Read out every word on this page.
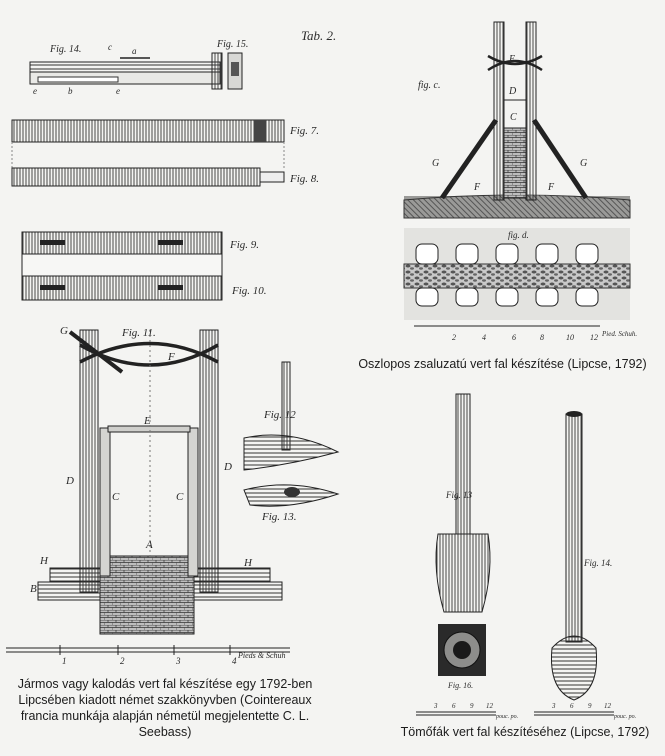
Tab. 2.
Fig. 14.	c a
e	b	e
Fig. 15.
Fig. 7.
Fig. 8.
Fig. 9.
Fig. 10.
Fig. 11.
G
F
E
D
D
C	C
A
H	H
B
Fig. 12
Fig. 13.
1	2	3	4
Pieds & Schuh
fig. c.
E
D
C
G	G
F	F
fig. d.
2	4	6	8	10 12 Pied. Schuh.
Fig. 13
Fig. 16.
Fig. 14.
3 6 9 12
pouc. po.
3 6 9 12
pouc. po.
Jármos vagy kalodás vert fal készítése egy 1792-ben Lipcsében kiadott német szakkönyvben (Cointereaux francia munkája alapján németül megjelentette C. L. Seebass)
Oszlopos zsaluzatú vert fal készítése (Lipcse, 1792)
Tömőfák vert fal készítéséhez (Lipcse, 1792)
